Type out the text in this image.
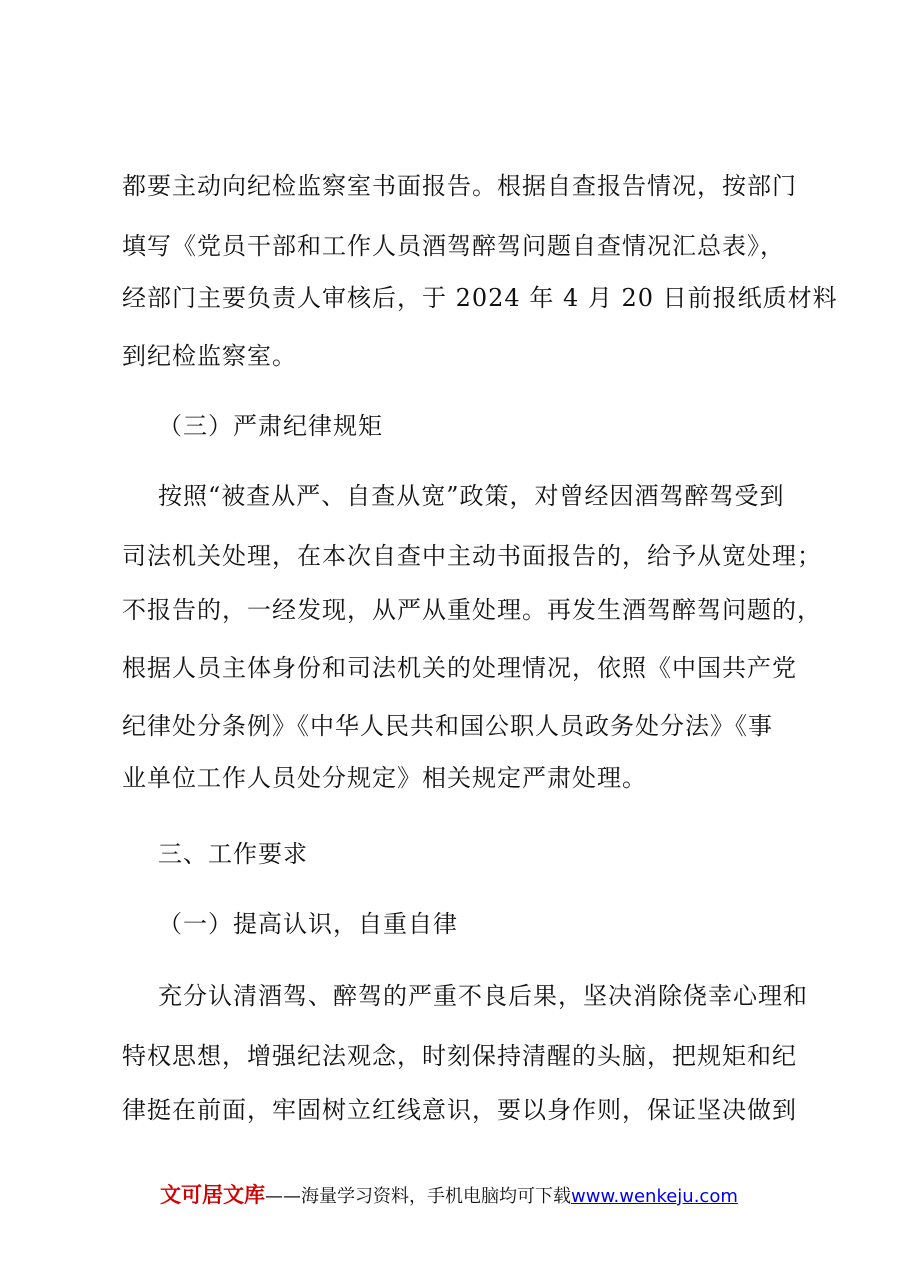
都要主动向纪检监察室书面报告。根据自查报告情况，按部门
填写《党员干部和工作人员酒驾醉驾问题自查情况汇总表》，
经部门主要负责人审核后，于 2024 年 4 月 20 日前报纸质材料
到纪检监察室。
（三）严肃纪律规矩
按照“被查从严、自查从宽”政策，对曾经因酒驾醉驾受到
司法机关处理，在本次自查中主动书面报告的，给予从宽处理；
不报告的，一经发现，从严从重处理。再发生酒驾醉驾问题的，
根据人员主体身份和司法机关的处理情况，依照《中国共产党
纪律处分条例》《中华人民共和国公职人员政务处分法》《事
业单位工作人员处分规定》相关规定严肃处理。
三、工作要求
（一）提高认识，自重自律
充分认清酒驾、醉驾的严重不良后果，坚决消除侥幸心理和
特权思想，增强纪法观念，时刻保持清醒的头脑，把规矩和纪
律挺在前面，牢固树立红线意识，要以身作则，保证坚决做到
文可居文库——海量学习资料，手机电脑均可下载www.wenkeju.com
